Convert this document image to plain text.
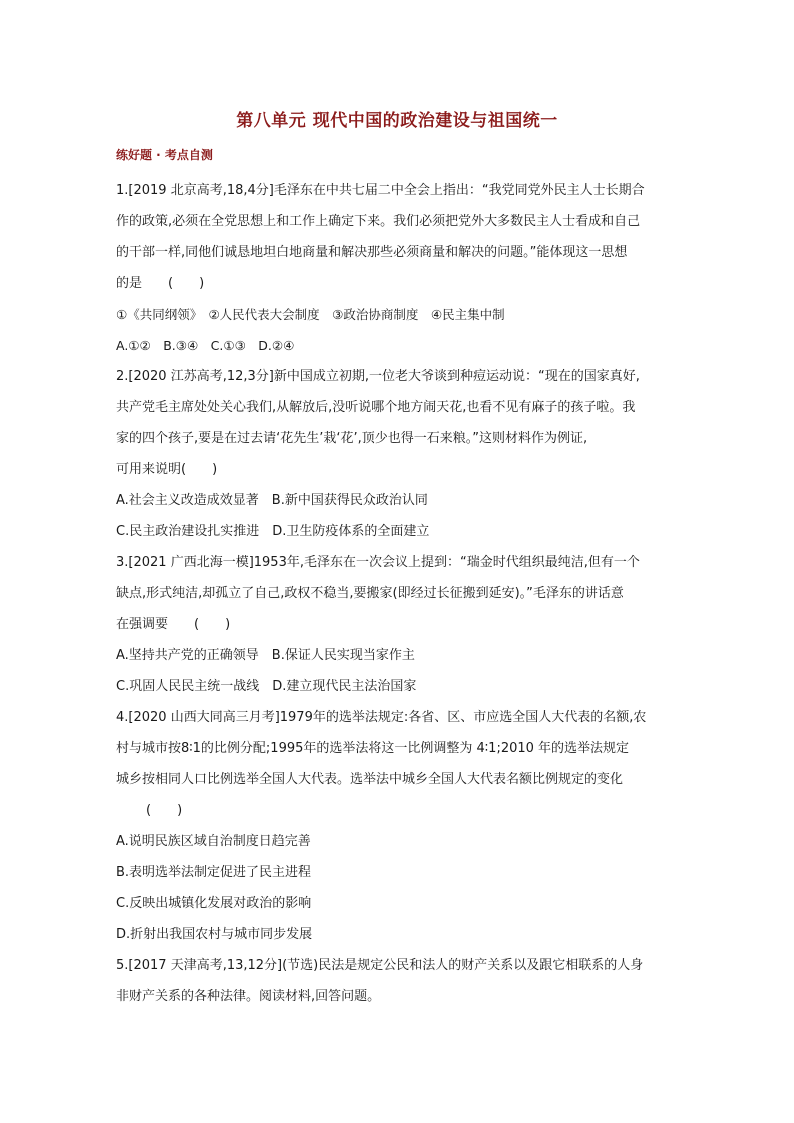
第八单元 现代中国的政治建设与祖国统一
练好题 · 考点自测
1.[2019 北京高考,18,4分]毛泽东在中共七届二中全会上指出：“我党同党外民主人士长期合
作的政策,必须在全党思想上和工作上确定下来。我们必须把党外大多数民主人士看成和自己
的干部一样,同他们诚恳地坦白地商量和解决那些必须商量和解决的问题。”能体现这一思想
的是　　(　　)
①《共同纲领》　②人民代表大会制度　③政治协商制度　④民主集中制
A.①②　B.③④　C.①③　D.②④
2.[2020 江苏高考,12,3分]新中国成立初期,一位老大爷谈到种痘运动说：“现在的国家真好,
共产党毛主席处处关心我们,从解放后,没听说哪个地方闹天花,也看不见有麻子的孩子啦。我
家的四个孩子,要是在过去请‘花先生’栽‘花’,顶少也得一石来粮。”这则材料作为例证,
可用来说明(　　)
A.社会主义改造成效显著　B.新中国获得民众政治认同
C.民主政治建设扎实推进　D.卫生防疫体系的全面建立
3.[2021 广西北海一模]1953年,毛泽东在一次会议上提到：“瑞金时代组织最纯洁,但有一个
缺点,形式纯洁,却孤立了自己,政权不稳当,要搬家(即经过长征搬到延安)。”毛泽东的讲话意
在强调要　　(　　)
A.坚持共产党的正确领导　B.保证人民实现当家作主
C.巩固人民民主统一战线　D.建立现代民主法治国家
4.[2020 山西大同高三月考]1979年的选举法规定:各省、区、市应选全国人大代表的名额,农
村与城市按8∶1的比例分配;1995年的选举法将这一比例调整为 4∶1;2010 年的选举法规定
城乡按相同人口比例选举全国人大代表。选举法中城乡全国人大代表名额比例规定的变化
(　　)
A.说明民族区域自治制度日趋完善
B.表明选举法制定促进了民主进程
C.反映出城镇化发展对政治的影响
D.折射出我国农村与城市同步发展
5.[2017 天津高考,13,12分](节选)民法是规定公民和法人的财产关系以及跟它相联系的人身
非财产关系的各种法律。阅读材料,回答问题。
